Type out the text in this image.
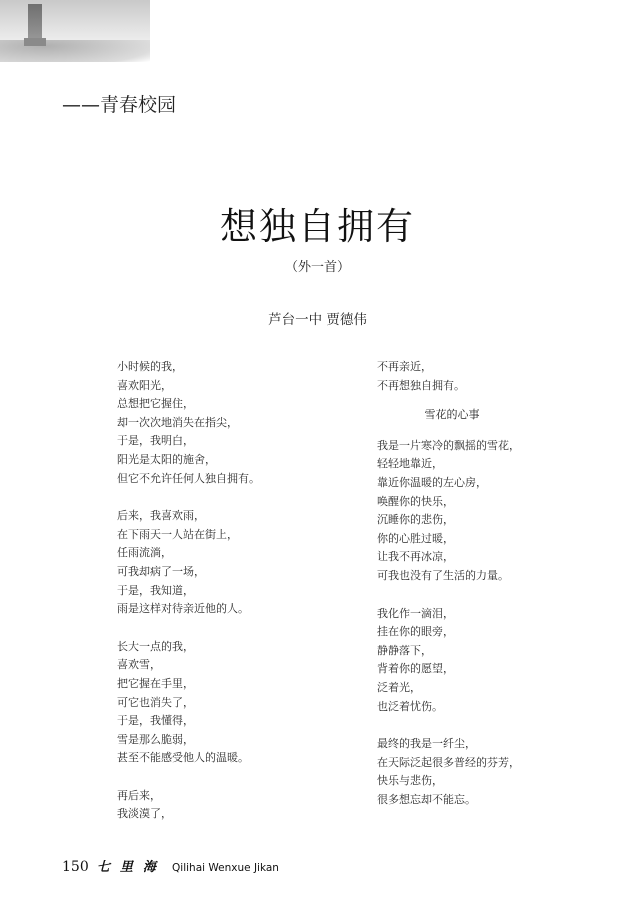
——青春校园
想独自拥有
（外一首）
芦台一中 贾德伟
小时候的我，
喜欢阳光，
总想把它握住，
却一次次地消失在指尖，
于是，我明白，
阳光是太阳的施舍，
但它不允许任何人独自拥有。
后来，我喜欢雨，
在下雨天一人站在街上，
任雨流淌，
可我却病了一场，
于是，我知道，
雨是这样对待亲近他的人。
长大一点的我，
喜欢雪，
把它握在手里，
可它也消失了，
于是，我懂得，
雪是那么脆弱，
甚至不能感受他人的温暖。
再后来，
我淡漠了，
不再亲近，
不再想独自拥有。
雪花的心事
我是一片寒冷的飘摇的雪花，
轻轻地靠近，
靠近你温暖的左心房，
唤醒你的快乐，
沉睡你的悲伤，
你的心胜过暖，
让我不再冰凉，
可我也没有了生活的力量。
我化作一滴泪，
挂在你的眼旁，
静静落下，
背着你的愿望，
泛着光，
也泛着忧伤。
最终的我是一纤尘，
在天际泛起很多普经的芬芳，
快乐与悲伤，
很多想忘却不能忘。
150 七里海 Qilihai Wenxue Jikan
